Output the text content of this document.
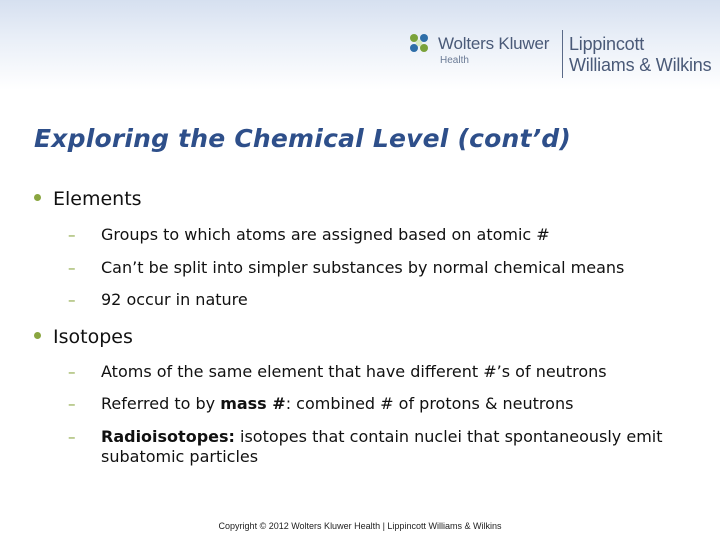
Wolters Kluwer
Health
Lippincott
Williams & Wilkins
Exploring the Chemical Level (cont’d)
Elements
– Groups to which atoms are assigned based on atomic #
– Can’t be split into simpler substances by normal chemical means
– 92 occur in nature
Isotopes
– Atoms of the same element that have different #’s of neutrons
– Referred to by mass #: combined # of protons & neutrons
– Radioisotopes: isotopes that contain nuclei that spontaneously emit subatomic particles
Copyright © 2012 Wolters Kluwer Health | Lippincott Williams & Wilkins
